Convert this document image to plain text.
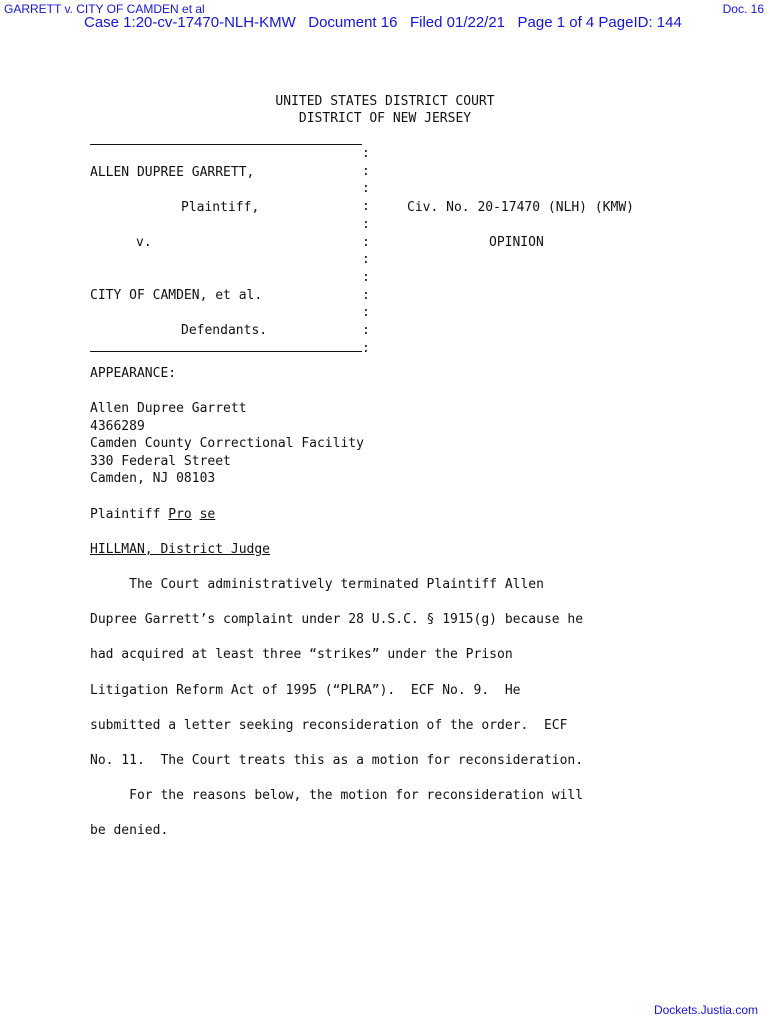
GARRETT v. CITY OF CAMDEN et al	Doc. 16
Case 1:20-cv-17470-NLH-KMW   Document 16   Filed 01/22/21   Page 1 of 4 PageID: 144
UNITED STATES DISTRICT COURT
DISTRICT OF NEW JERSEY
:
:
:
:
:
:
:
:
:
:
:
:
ALLEN DUPREE GARRETT,
Plaintiff,
v.
CITY OF CAMDEN, et al.
Defendants.
Civ. No. 20-17470 (NLH) (KMW)
OPINION
APPEARANCE:
Allen Dupree Garrett
4366289
Camden County Correctional Facility
330 Federal Street
Camden, NJ 08103
Plaintiff Pro se
HILLMAN, District Judge
The Court administratively terminated Plaintiff Allen
Dupree Garrett’s complaint under 28 U.S.C. § 1915(g) because he
had acquired at least three “strikes” under the Prison
Litigation Reform Act of 1995 (“PLRA”).  ECF No. 9.  He
submitted a letter seeking reconsideration of the order.  ECF
No. 11.  The Court treats this as a motion for reconsideration.
For the reasons below, the motion for reconsideration will
be denied.
Dockets.Justia.com
